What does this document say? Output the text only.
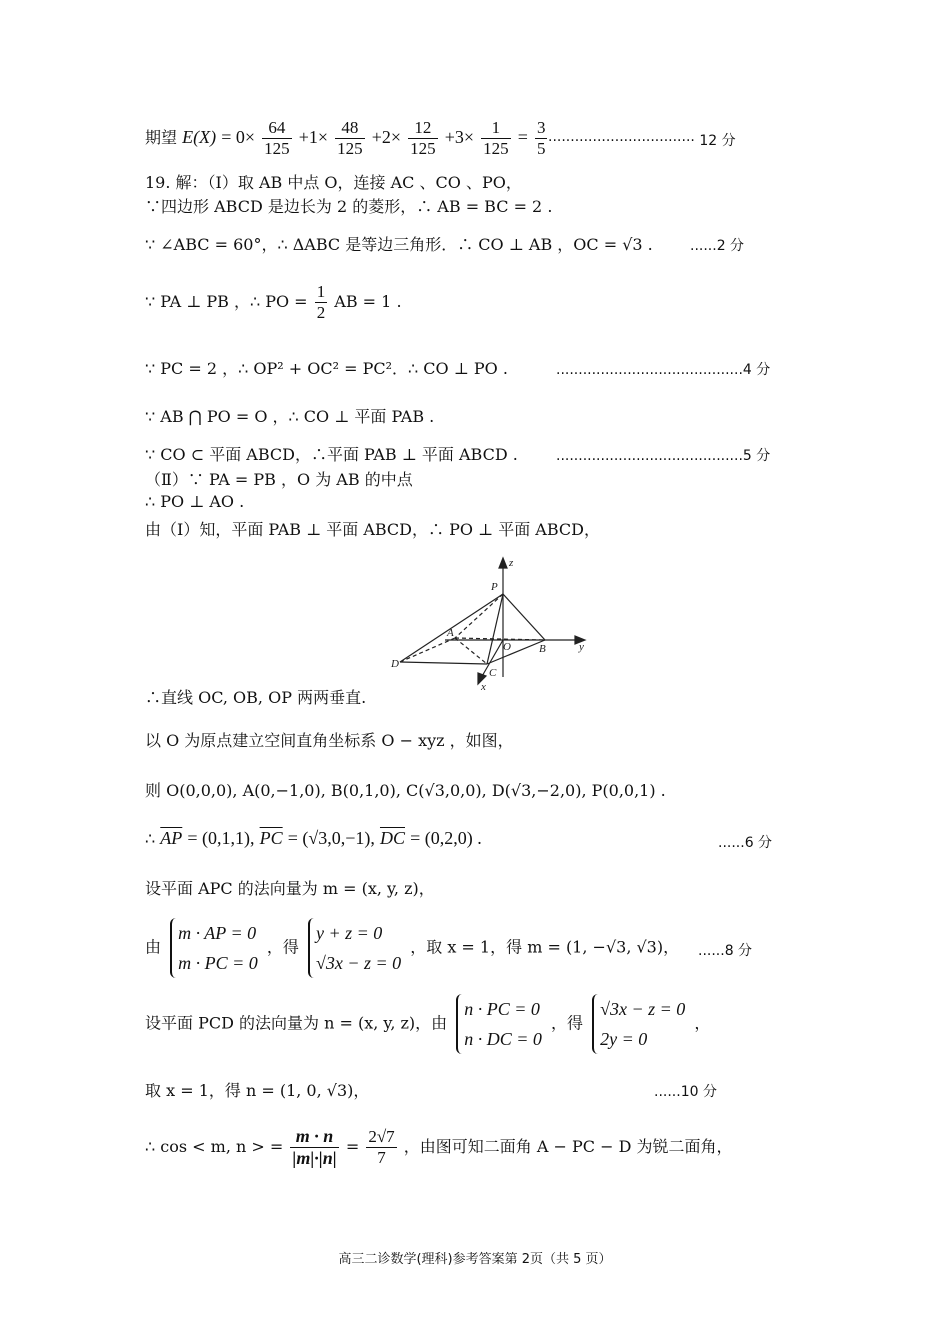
期望 $E(X) = 0\times \frac{64}{125} +1\times \frac{48}{125} +2\times \frac{12}{125} +3\times \frac{1}{125} = \frac{3}{5}$ ································· 12 分
19. 解：（Ⅰ）取 AB 中点 O，连接 AC 、CO 、PO，
∵四边形 ABCD 是边长为 2 的菱形，∴ AB = BC = 2 .
∵ ∠ABC = 60°，∴ ΔABC 是等边三角形．∴ CO ⊥ AB ，OC = √3 .	......2 分
∵ PA ⊥ PB ，∴ PO = $\frac{1}{2}$ AB = 1 .
∵ PC = 2 ，∴ OP² + OC² = PC²．∴ CO ⊥ PO .	..........................................4 分
∵ AB ⋂ PO = O ，∴ CO ⊥ 平面 PAB .
∵ CO ⊂ 平面 ABCD，∴平面 PAB ⊥ 平面 ABCD .	..........................................5 分
（Ⅱ）∵ PA = PB ，O 为 AB 的中点
∴ PO ⊥ AO .
由（Ⅰ）知，平面 PAB ⊥ 平面 ABCD，∴ PO ⊥ 平面 ABCD，
z
P
A
O	B	y
D
C
x
∴直线 OC, OB, OP 两两垂直.
以 O 为原点建立空间直角坐标系 O − xyz ，如图，
则 O(0,0,0), A(0,−1,0), B(0,1,0), C(√3,0,0), D(√3,−2,0), P(0,0,1) .
∴ $\overline{AP} = (0,1,1)$, $\overline{PC} = (√3,0,-1)$, $\overline{DC} = (0,2,0)$ .	......6 分
设平面 APC 的法向量为 m = (x, y, z)，
由
m · AP = 0
m · PC = 0
，得
y + z = 0
√3x − z = 0
，取 x = 1，得 m = (1, −√3, √3)， ......8 分
设平面 PCD 的法向量为 n = (x, y, z)，由
n · PC = 0
n · DC = 0
，得
√3x − z = 0
2y = 0
，
取 x = 1，得 n = (1, 0, √3)，	......10 分
∴ cos < m, n > = $\frac{m \cdot n}{|m|\cdot|n|} = \frac{2√7}{7}$ ，由图可知二面角 A − PC − D 为锐二面角，
高三二诊数学(理科)参考答案第 2页（共 5 页）
